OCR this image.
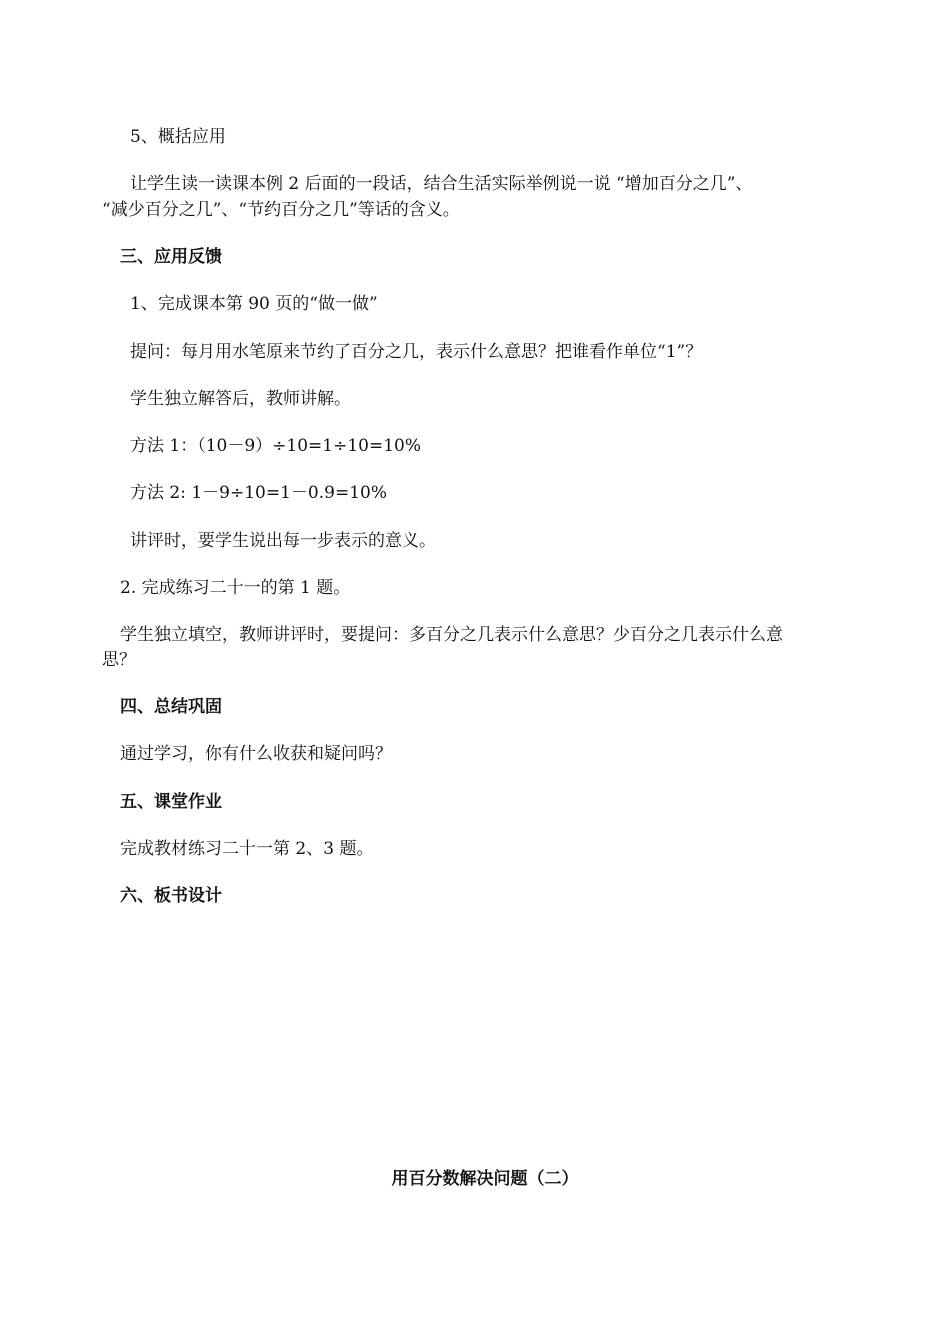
5、概括应用
让学生读一读课本例 2 后面的一段话，结合生活实际举例说一说 “增加百分之几”、
“减少百分之几”、“节约百分之几”等话的含义。
三、应用反馈
1、完成课本第 90 页的“做一做”
提问：每月用水笔原来节约了百分之几，表示什么意思？把谁看作单位“1”？
学生独立解答后，教师讲解。
方法 1：（10－9）÷10=1÷10=10%
方法 2: 1－9÷10=1－0.9=10%
讲评时，要学生说出每一步表示的意义。
2. 完成练习二十一的第 1 题。
学生独立填空，教师讲评时，要提问：多百分之几表示什么意思？少百分之几表示什么意
思？
四、总结巩固
通过学习，你有什么收获和疑问吗？
五、课堂作业
完成教材练习二十一第 2、3 题。
六、板书设计
用百分数解决问题（二）
